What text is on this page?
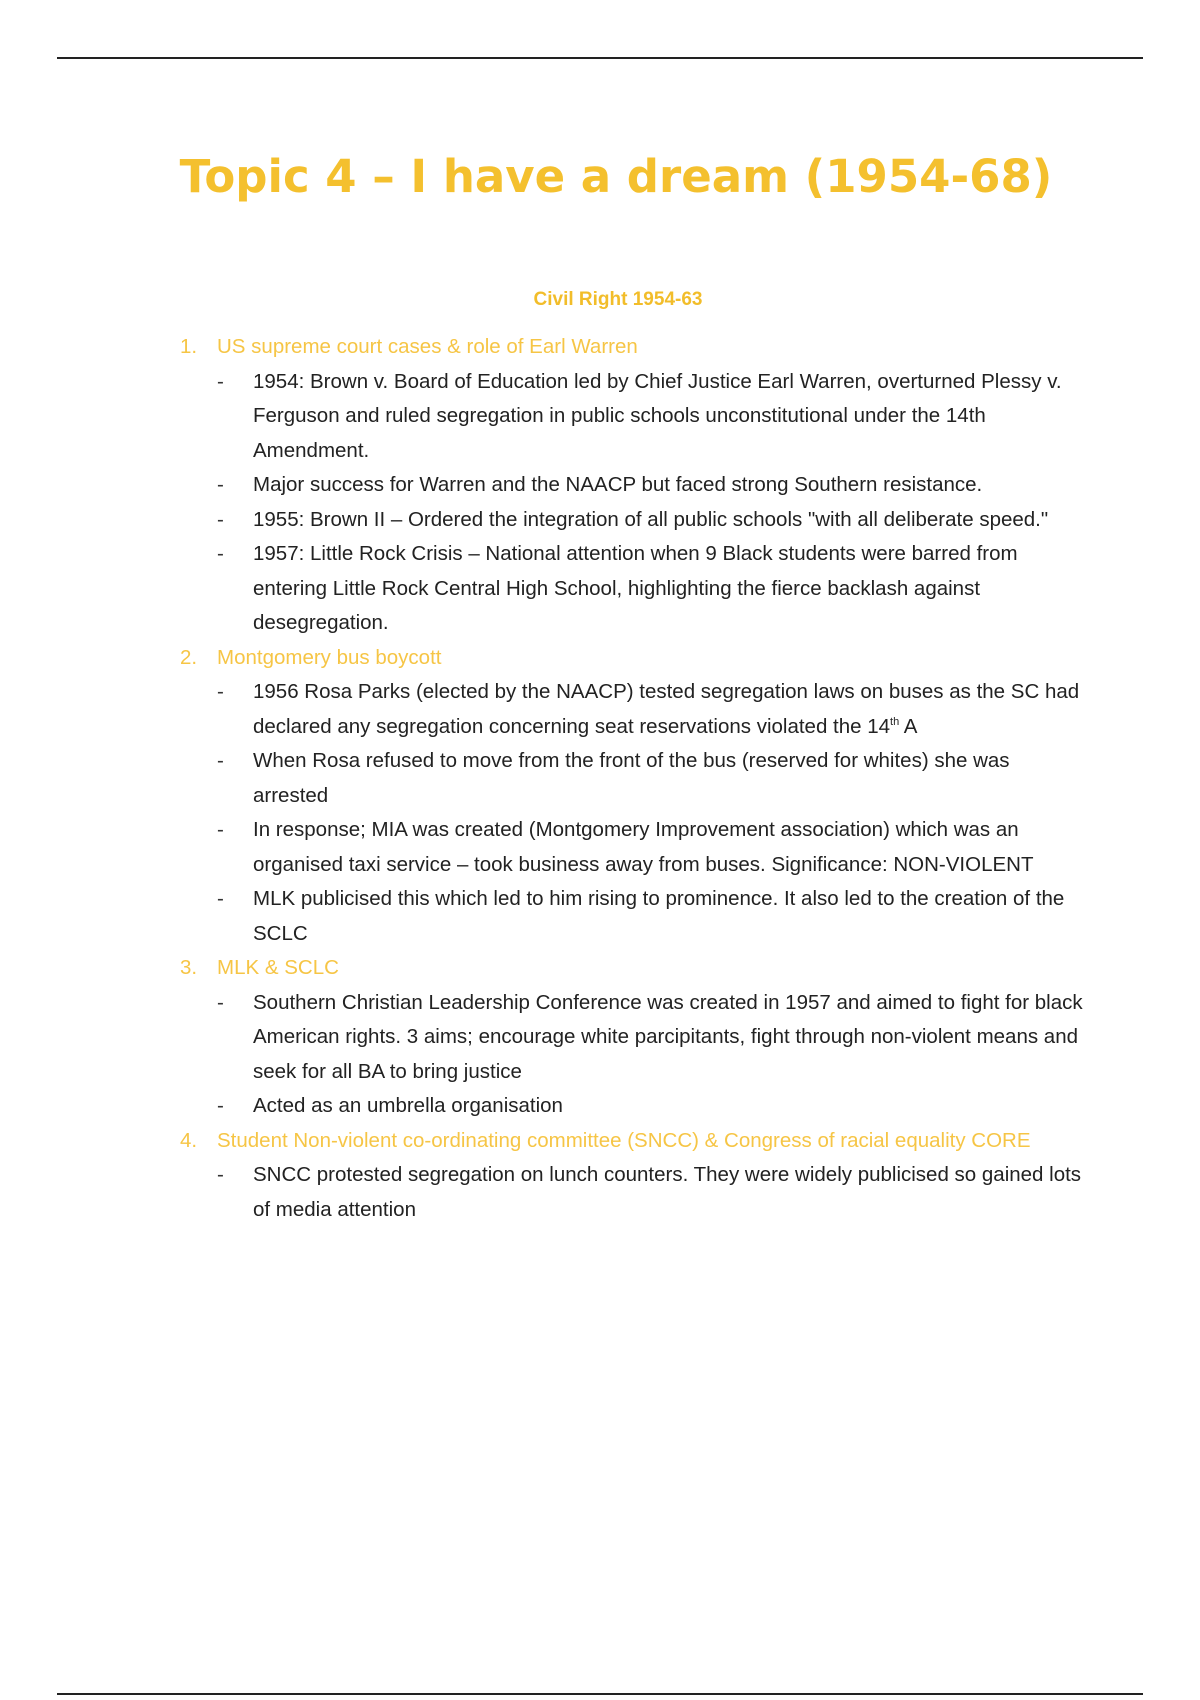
Topic 4 – I have a dream (1954-68)
Civil Right 1954-63
1. US supreme court cases & role of Earl Warren
-	1954: Brown v. Board of Education led by Chief Justice Earl Warren, overturned Plessy v. Ferguson and ruled segregation in public schools unconstitutional under the 14th Amendment.
-	Major success for Warren and the NAACP but faced strong Southern resistance.
-	1955: Brown II – Ordered the integration of all public schools "with all deliberate speed."
-	1957: Little Rock Crisis – National attention when 9 Black students were barred from entering Little Rock Central High School, highlighting the fierce backlash against desegregation.
2. Montgomery bus boycott
-	1956 Rosa Parks (elected by the NAACP) tested segregation laws on buses as the SC had declared any segregation concerning seat reservations violated the 14th A
-	When Rosa refused to move from the front of the bus (reserved for whites) she was arrested
-	In response; MIA was created (Montgomery Improvement association) which was an organised taxi service – took business away from buses. Significance: NON-VIOLENT
-	MLK publicised this which led to him rising to prominence. It also led to the creation of the SCLC
3. MLK & SCLC
-	Southern Christian Leadership Conference was created in 1957 and aimed to fight for black American rights. 3 aims; encourage white parcipitants, fight through non-violent means and seek for all BA to bring justice
-	Acted as an umbrella organisation
4. Student Non-violent co-ordinating committee (SNCC) & Congress of racial equality CORE
-	SNCC protested segregation on lunch counters. They were widely publicised so gained lots of media attention
